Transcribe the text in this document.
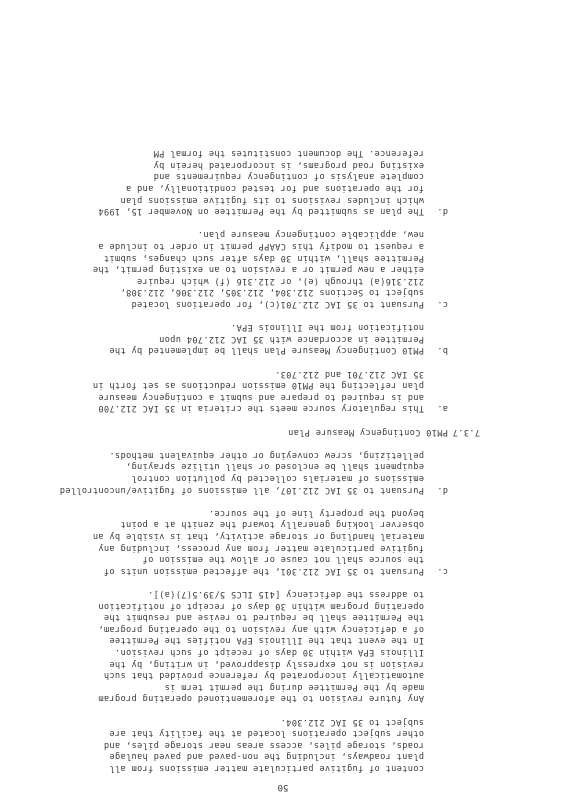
50
content of fugitive particulate matter emissions from all
plant roadways, including the non-paved and paved haulage
roads, storage piles, access areas near storage piles, and
other subject operations located at the facility that are
subject to 35 IAC 212.304.
Any future revision to the aforementioned operating program
made by the Permittee during the permit term is
automatically incorporated by reference provided that such
revision is not expressly disapproved, in writing, by the
Illinois EPA within 30 days of receipt of such revision.
In the event that the Illinois EPA notifies the Permittee
of a deficiency with any revision to the operating program,
the Permittee shall be required to revise and resubmit the
operating program within 30 days of receipt of notification
to address the deficiency [415 ILCS 5/39.5(7)(a)].
Pursuant to 35 IAC 212.301, the affected emission units of c.
the source shall not cause or allow the emission of
fugitive particulate matter from any process, including any
material handling or storage activity, that is visible by an
observer looking generally toward the zenith at a point
beyond the property line of the source.
Pursuant to 35 IAC 212.107, all emissions of fugitive/uncontrolled d.
emissions of materials collected by pollution control
equipment shall be enclosed or shall utilize spraying,
pelletizing, screw conveying or other equivalent methods.
PM10 Contingency Measure Plan 7.3.7
This regulatory source meets the criteria in 35 IAC 212.700 a.
and is required to prepare and submit a contingency measure
plan reflecting the PM10 emission reductions as set forth in
35 IAC 212.701 and 212.703.
PM10 Contingency Measure Plan shall be implemented by the b.
Permittee in accordance with 35 IAC 212.704 upon
notification from the Illinois EPA.
Pursuant to 35 IAC 212.701(c), for operations located c.
subject to Sections 212.304, 212.305, 212.306, 212.308,
212.316(a) through (e), or 212.316 (f) which require
either a new permit or a revision to an existing permit, the
Permittee shall, within 30 days after such changes, submit
a request to modify this CAAPP permit in order to include a
new, applicable contingency measure plan.
The plan as submitted by the Permittee on November 15, 1994 d.
which includes revisions to its fugitive emissions plan
for the operations and for tested conditionally, and a
complete analysis of contingency requirements and
existing road programs, is incorporated herein by
reference. The document constitutes the formal PM
